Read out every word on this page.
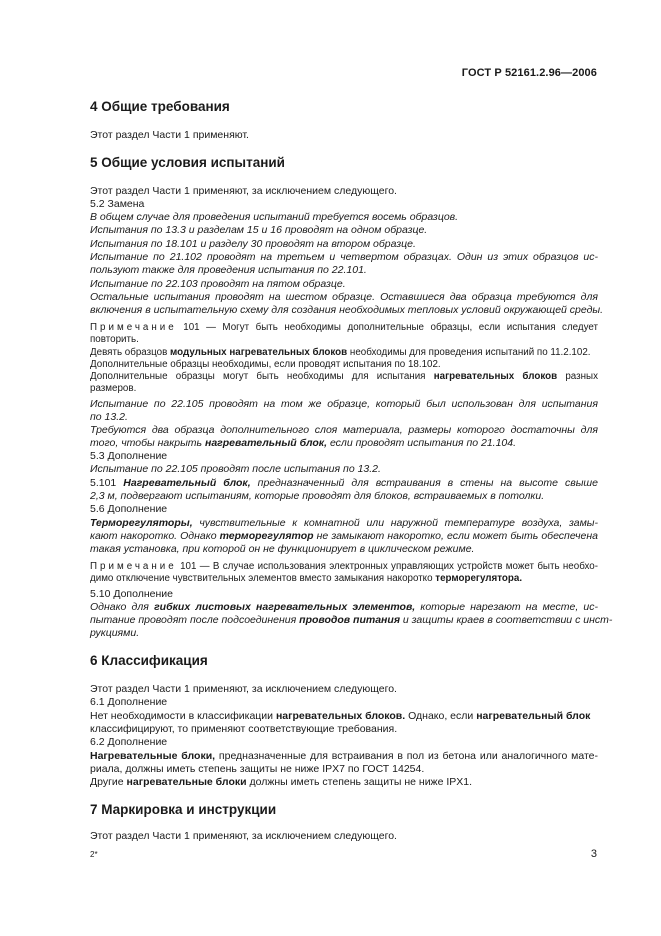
ГОСТ Р 52161.2.96—2006
4 Общие требования
Этот раздел Части 1 применяют.
5 Общие условия испытаний
Этот раздел Части 1 применяют, за исключением следующего.
5.2 Замена
В общем случае для проведения испытаний требуется восемь образцов.
Испытания по 13.3 и разделам 15 и 16 проводят на одном образце.
Испытания по 18.101 и разделу 30 проводят на втором образце.
Испытание по 21.102 проводят на третьем и четвертом образцах. Один из этих образцов ис-
пользуют также для проведения испытания по 22.101.
Испытание по 22.103 проводят на пятом образце.
Остальные испытания проводят на шестом образце. Оставшиеся два образца требуются для
включения в испытательную схему для создания необходимых тепловых условий окружающей среды.
Примечание 101 — Могут быть необходимы дополнительные образцы, если испытания следует
повторить.
Девять образцов модульных нагревательных блоков необходимы для проведения испытаний по 11.2.102.
Дополнительные образцы необходимы, если проводят испытания по 18.102.
Дополнительные образцы могут быть необходимы для испытания нагревательных блоков разных
размеров.
Испытание по 22.105 проводят на том же образце, который был использован для испытания
по 13.2.
Требуются два образца дополнительного слоя материала, размеры которого достаточны для
того, чтобы накрыть нагревательный блок, если проводят испытания по 21.104.
5.3 Дополнение
Испытание по 22.105 проводят после испытания по 13.2.
5.101 Нагревательный блок, предназначенный для встраивания в стены на высоте свыше
2,3 м, подвергают испытаниям, которые проводят для блоков, встраиваемых в потолки.
5.6 Дополнение
Терморегуляторы, чувствительные к комнатной или наружной температуре воздуха, замы-
кают накоротко. Однако терморегулятор не замыкают накоротко, если может быть обеспечена
такая установка, при которой он не функционирует в циклическом режиме.
Примечание 101 — В случае использования электронных управляющих устройств может быть необхо-
димо отключение чувствительных элементов вместо замыкания накоротко терморегулятора.
5.10 Дополнение
Однако для гибких листовых нагревательных элементов, которые нарезают на месте, ис-
пытание проводят после подсоединения проводов питания и защиты краев в соответствии с инст-
рукциями.
6 Классификация
Этот раздел Части 1 применяют, за исключением следующего.
6.1 Дополнение
Нет необходимости в классификации нагревательных блоков. Однако, если нагревательный блок
классифицируют, то применяют соответствующие требования.
6.2 Дополнение
Нагревательные блоки, предназначенные для встраивания в пол из бетона или аналогичного мате-
риала, должны иметь степень защиты не ниже IPX7 по ГОСТ 14254.
Другие нагревательные блоки должны иметь степень защиты не ниже IPX1.
7 Маркировка и инструкции
Этот раздел Части 1 применяют, за исключением следующего.
2*	3
